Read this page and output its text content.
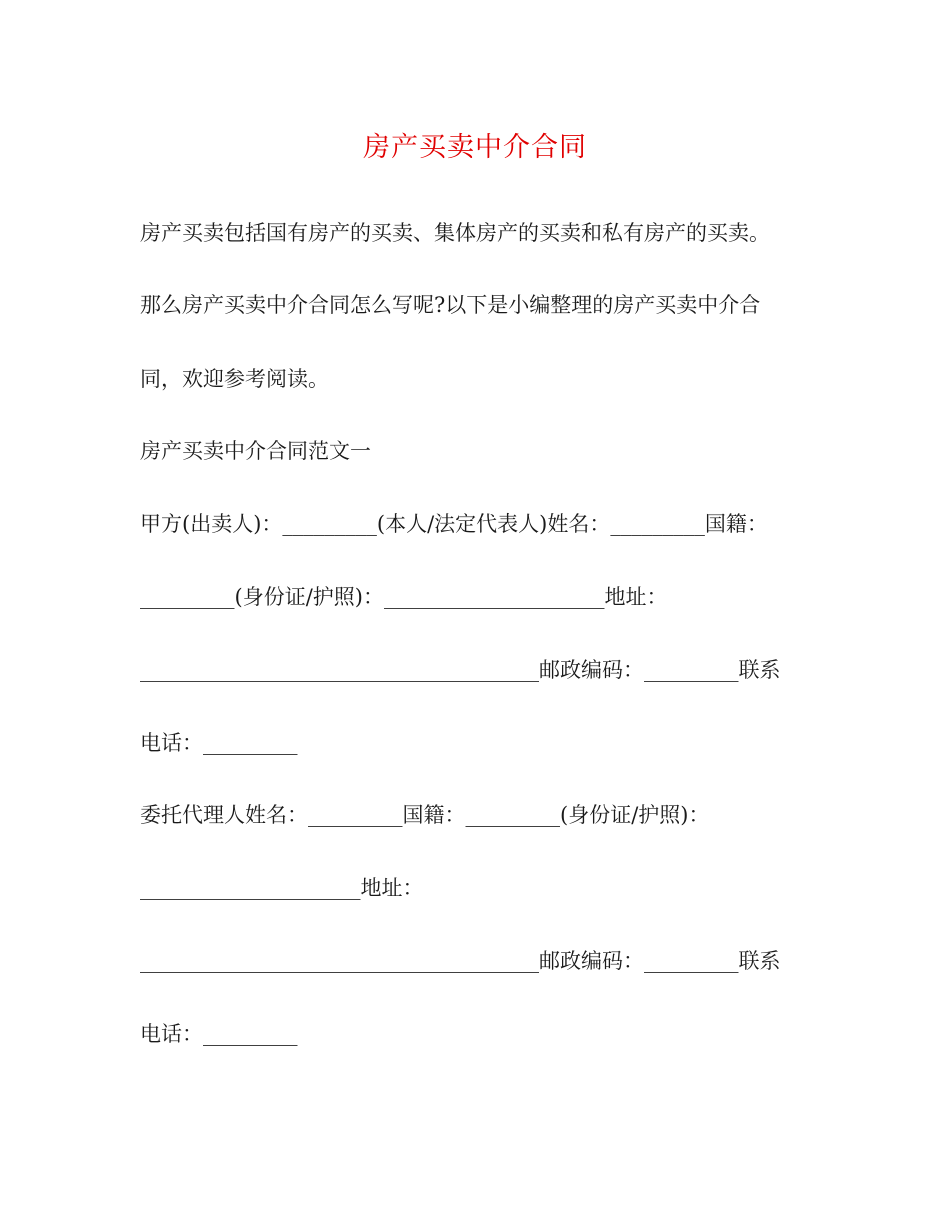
房产买卖中介合同
房产买卖包括国有房产的买卖、集体房产的买卖和私有房产的买卖。
那么房产买卖中介合同怎么写呢?以下是小编整理的房产买卖中介合
同，欢迎参考阅读。
房产买卖中介合同范文一
甲方(出卖人)：_________(本人/法定代表人)姓名：_________国籍：
_________(身份证/护照)：_____________________地址：
______________________________________邮政编码：_________联系
电话：_________
委托代理人姓名：_________国籍：_________(身份证/护照)：
_____________________地址：
______________________________________邮政编码：_________联系
电话：_________
